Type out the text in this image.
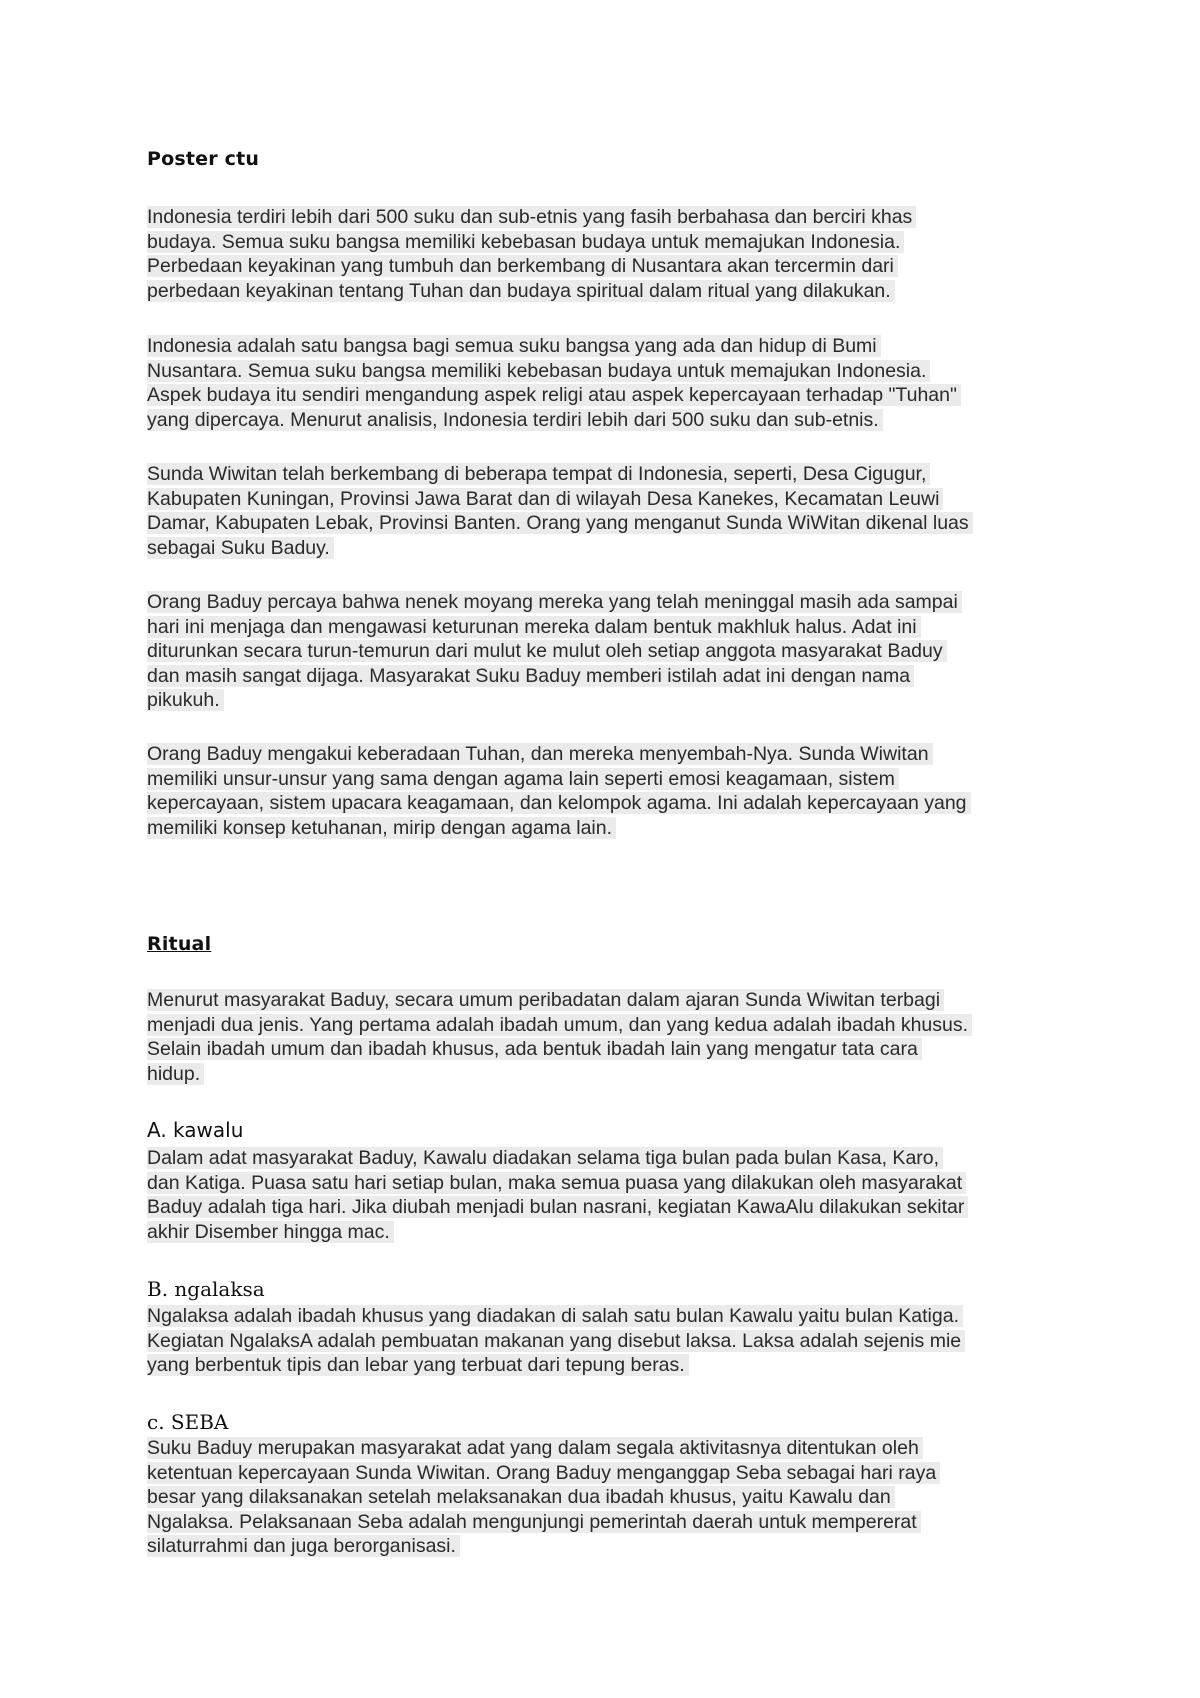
Poster ctu
Indonesia terdiri lebih dari 500 suku dan sub-etnis yang fasih berbahasa dan berciri khas
budaya. Semua suku bangsa memiliki kebebasan budaya untuk memajukan Indonesia.
Perbedaan keyakinan yang tumbuh dan berkembang di Nusantara akan tercermin dari
perbedaan keyakinan tentang Tuhan dan budaya spiritual dalam ritual yang dilakukan.
Indonesia adalah satu bangsa bagi semua suku bangsa yang ada dan hidup di Bumi
Nusantara. Semua suku bangsa memiliki kebebasan budaya untuk memajukan Indonesia.
Aspek budaya itu sendiri mengandung aspek religi atau aspek kepercayaan terhadap "Tuhan"
yang dipercaya. Menurut analisis, Indonesia terdiri lebih dari 500 suku dan sub-etnis.
Sunda Wiwitan telah berkembang di beberapa tempat di Indonesia, seperti, Desa Cigugur,
Kabupaten Kuningan, Provinsi Jawa Barat dan di wilayah Desa Kanekes, Kecamatan Leuwi
Damar, Kabupaten Lebak, Provinsi Banten. Orang yang menganut Sunda WiWitan dikenal luas
sebagai Suku Baduy.
Orang Baduy percaya bahwa nenek moyang mereka yang telah meninggal masih ada sampai
hari ini menjaga dan mengawasi keturunan mereka dalam bentuk makhluk halus. Adat ini
diturunkan secara turun-temurun dari mulut ke mulut oleh setiap anggota masyarakat Baduy
dan masih sangat dijaga. Masyarakat Suku Baduy memberi istilah adat ini dengan nama
pikukuh.
Orang Baduy mengakui keberadaan Tuhan, dan mereka menyembah-Nya. Sunda Wiwitan
memiliki unsur-unsur yang sama dengan agama lain seperti emosi keagamaan, sistem
kepercayaan, sistem upacara keagamaan, dan kelompok agama. Ini adalah kepercayaan yang
memiliki konsep ketuhanan, mirip dengan agama lain.
Ritual
Menurut masyarakat Baduy, secara umum peribadatan dalam ajaran Sunda Wiwitan terbagi
menjadi dua jenis. Yang pertama adalah ibadah umum, dan yang kedua adalah ibadah khusus.
Selain ibadah umum dan ibadah khusus, ada bentuk ibadah lain yang mengatur tata cara
hidup.
A. kawalu
Dalam adat masyarakat Baduy, Kawalu diadakan selama tiga bulan pada bulan Kasa, Karo,
dan Katiga. Puasa satu hari setiap bulan, maka semua puasa yang dilakukan oleh masyarakat
Baduy adalah tiga hari. Jika diubah menjadi bulan nasrani, kegiatan KawaAlu dilakukan sekitar
akhir Disember hingga mac.
B. ngalaksa
Ngalaksa adalah ibadah khusus yang diadakan di salah satu bulan Kawalu yaitu bulan Katiga.
Kegiatan NgalaksA adalah pembuatan makanan yang disebut laksa. Laksa adalah sejenis mie
yang berbentuk tipis dan lebar yang terbuat dari tepung beras.
c. SEBA
Suku Baduy merupakan masyarakat adat yang dalam segala aktivitasnya ditentukan oleh
ketentuan kepercayaan Sunda Wiwitan. Orang Baduy menganggap Seba sebagai hari raya
besar yang dilaksanakan setelah melaksanakan dua ibadah khusus, yaitu Kawalu dan
Ngalaksa. Pelaksanaan Seba adalah mengunjungi pemerintah daerah untuk mempererat
silaturrahmi dan juga berorganisasi.
